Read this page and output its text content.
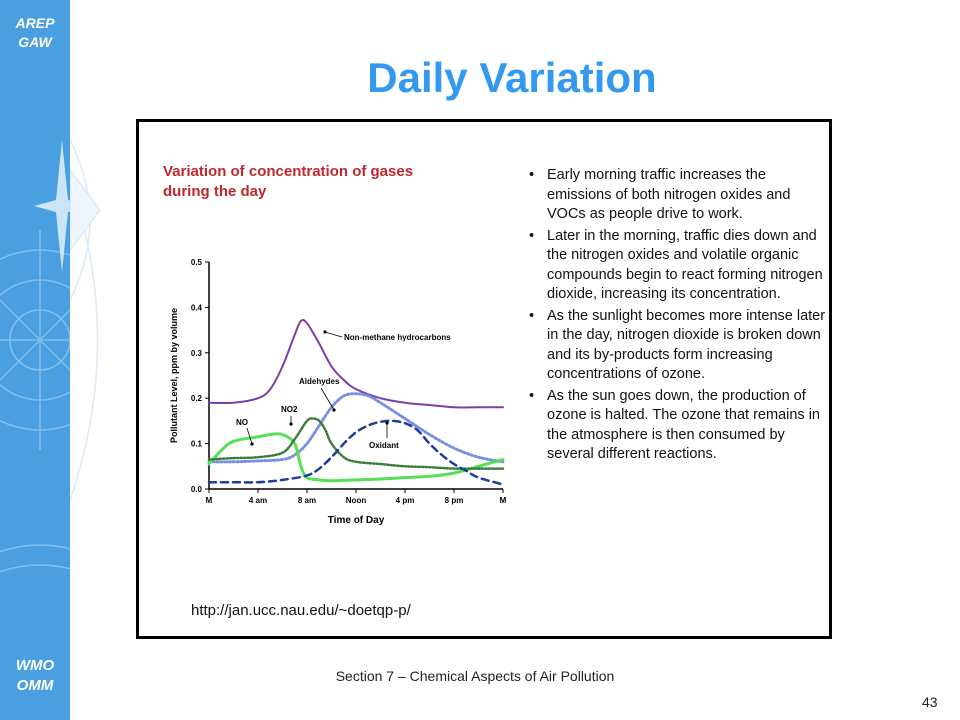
AREP
GAW
WMO
OMM
Daily Variation

Variation of concentration of gases
during the day

0.0
0.1
0.2
0.3
0.4
0.5
M	4 am	8 am	Noon	4 pm	8 pm	M
Time of Day
Pollutant Level, ppm by volume	Non-methane hydrocarbons
Aldehydes
NO
NO2
Oxidant
• Early morning traffic increases the emissions of both nitrogen oxides and VOCs as people drive to work.
• Later in the morning, traffic dies down and the nitrogen oxides and volatile organic compounds begin to react forming nitrogen dioxide, increasing its concentration.
• As the sunlight becomes more intense later in the day, nitrogen dioxide is broken down and its by-products form increasing concentrations of ozone.
• As the sun goes down, the production of ozone is halted. The ozone that remains in the atmosphere is then consumed by several different reactions.
http://jan.ucc.nau.edu/~doetqp-p/
Section 7 – Chemical Aspects of Air Pollution
43
